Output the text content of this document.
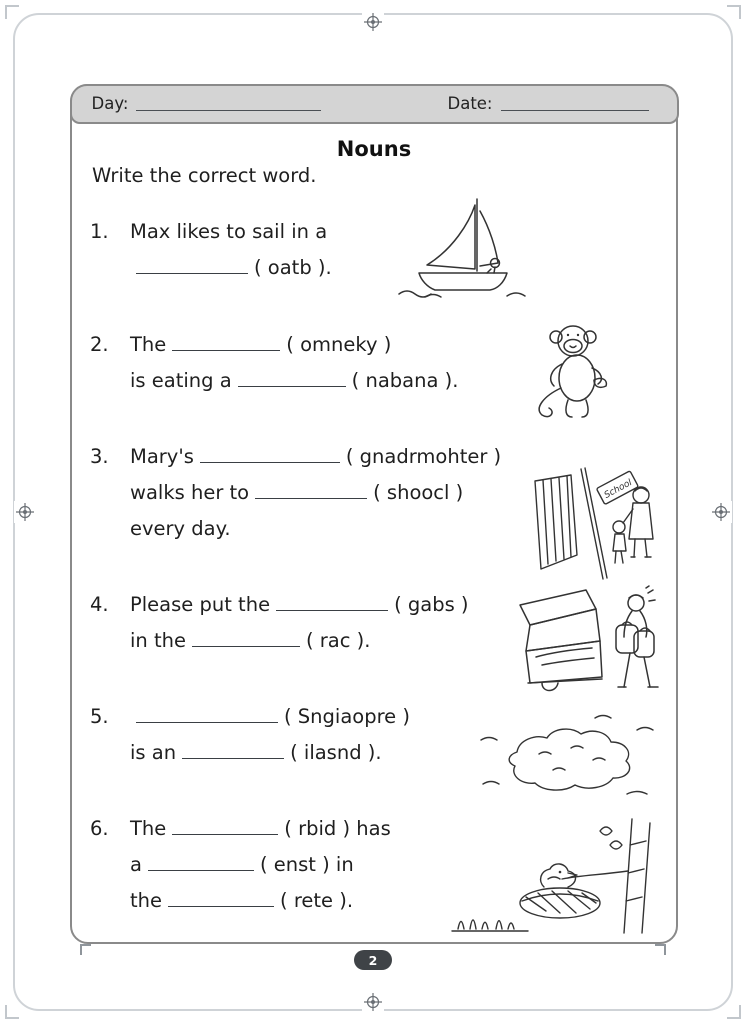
Day:	Date:
Nouns
Write the correct word.
1.	Max likes to sail in a
( oatb ).
2.	The	( omneky )
is eating a	( nabana ).
3.	Mary's	( gnadrmohter )
walks her to	( shoocl )
every day.
4.	Please put the	( gabs )
in the	( rac ).
5.	( Sngiaopre )
is an	( ilasnd ).
6.	The	( rbid ) has
a	( enst ) in
the	( rete ).
School
2
